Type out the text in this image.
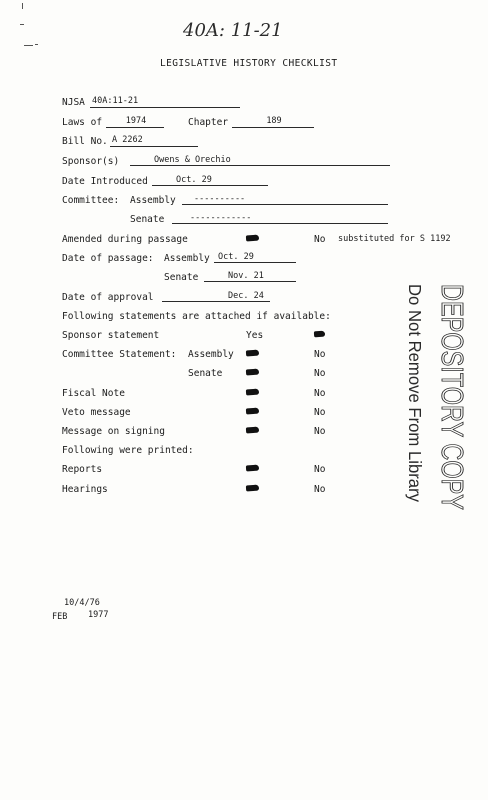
40A: 11-21
LEGISLATIVE HISTORY CHECKLIST
NJSA 40A:11-21
Laws of	1974	Chapter	189
Bill No. A 2262
Sponsor(s)	Owens & Orechio
Date Introduced	Oct. 29
Committee: Assembly	----------
Senate	------------
Amended during passage	No substituted for S 1192
Date of passage: Assembly Oct. 29
Senate	Nov. 21
Date of approval	Dec. 24
Following statements are attached if available:
Sponsor statement	Yes
Committee Statement: Assembly	No
Senate	No
Fiscal Note	No
Veto message	No
Message on signing	No
Following were printed:
Reports	No
Hearings	No
10/4/76
FEB 1977
DEPOSITORY COPY
Do Not Remove From Library
